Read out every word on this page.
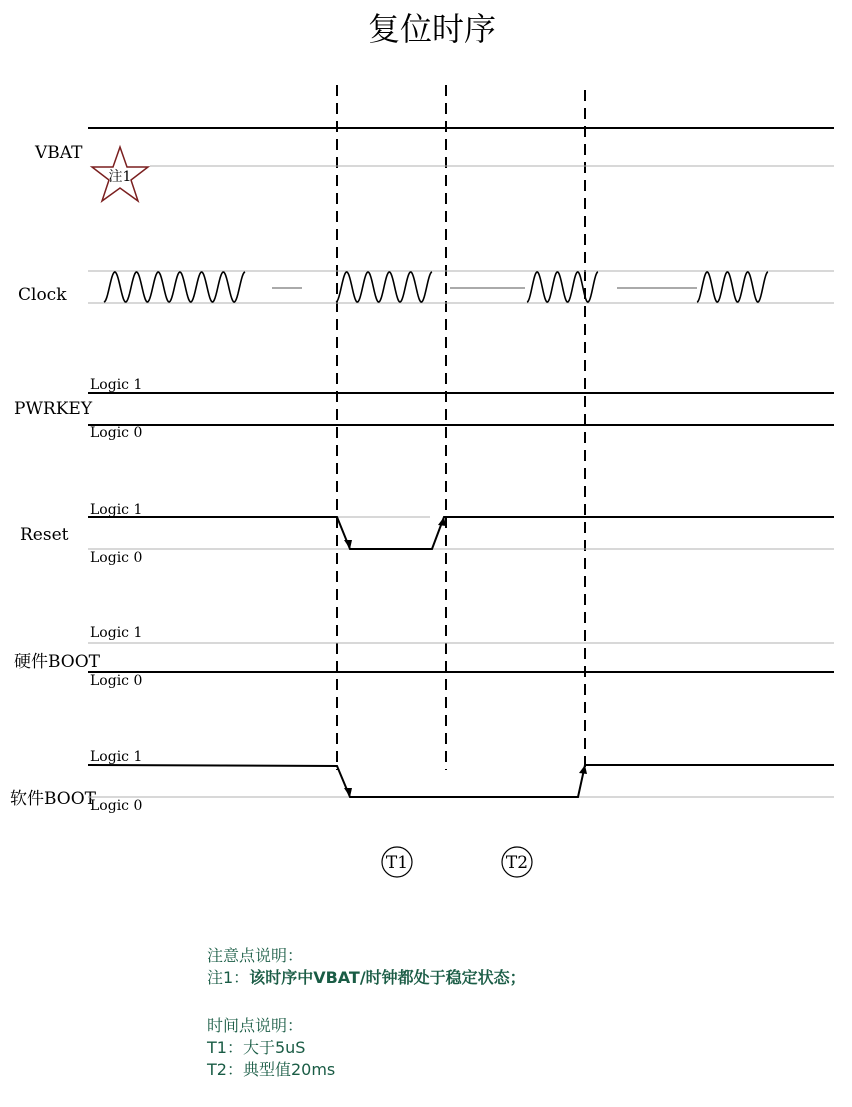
复位时序
VBAT
注1
Clock
PWRKEY
Logic 1
Logic 0
Reset
Logic 1
Logic 0
硬件BOOT
Logic 1
Logic 0
软件BOOT
Logic 1
Logic 0
T1	T2
注意点说明：
注1：该时序中VBAT/时钟都处于稳定状态；
时间点说明：
T1：大于5uS
T2：典型值20ms
